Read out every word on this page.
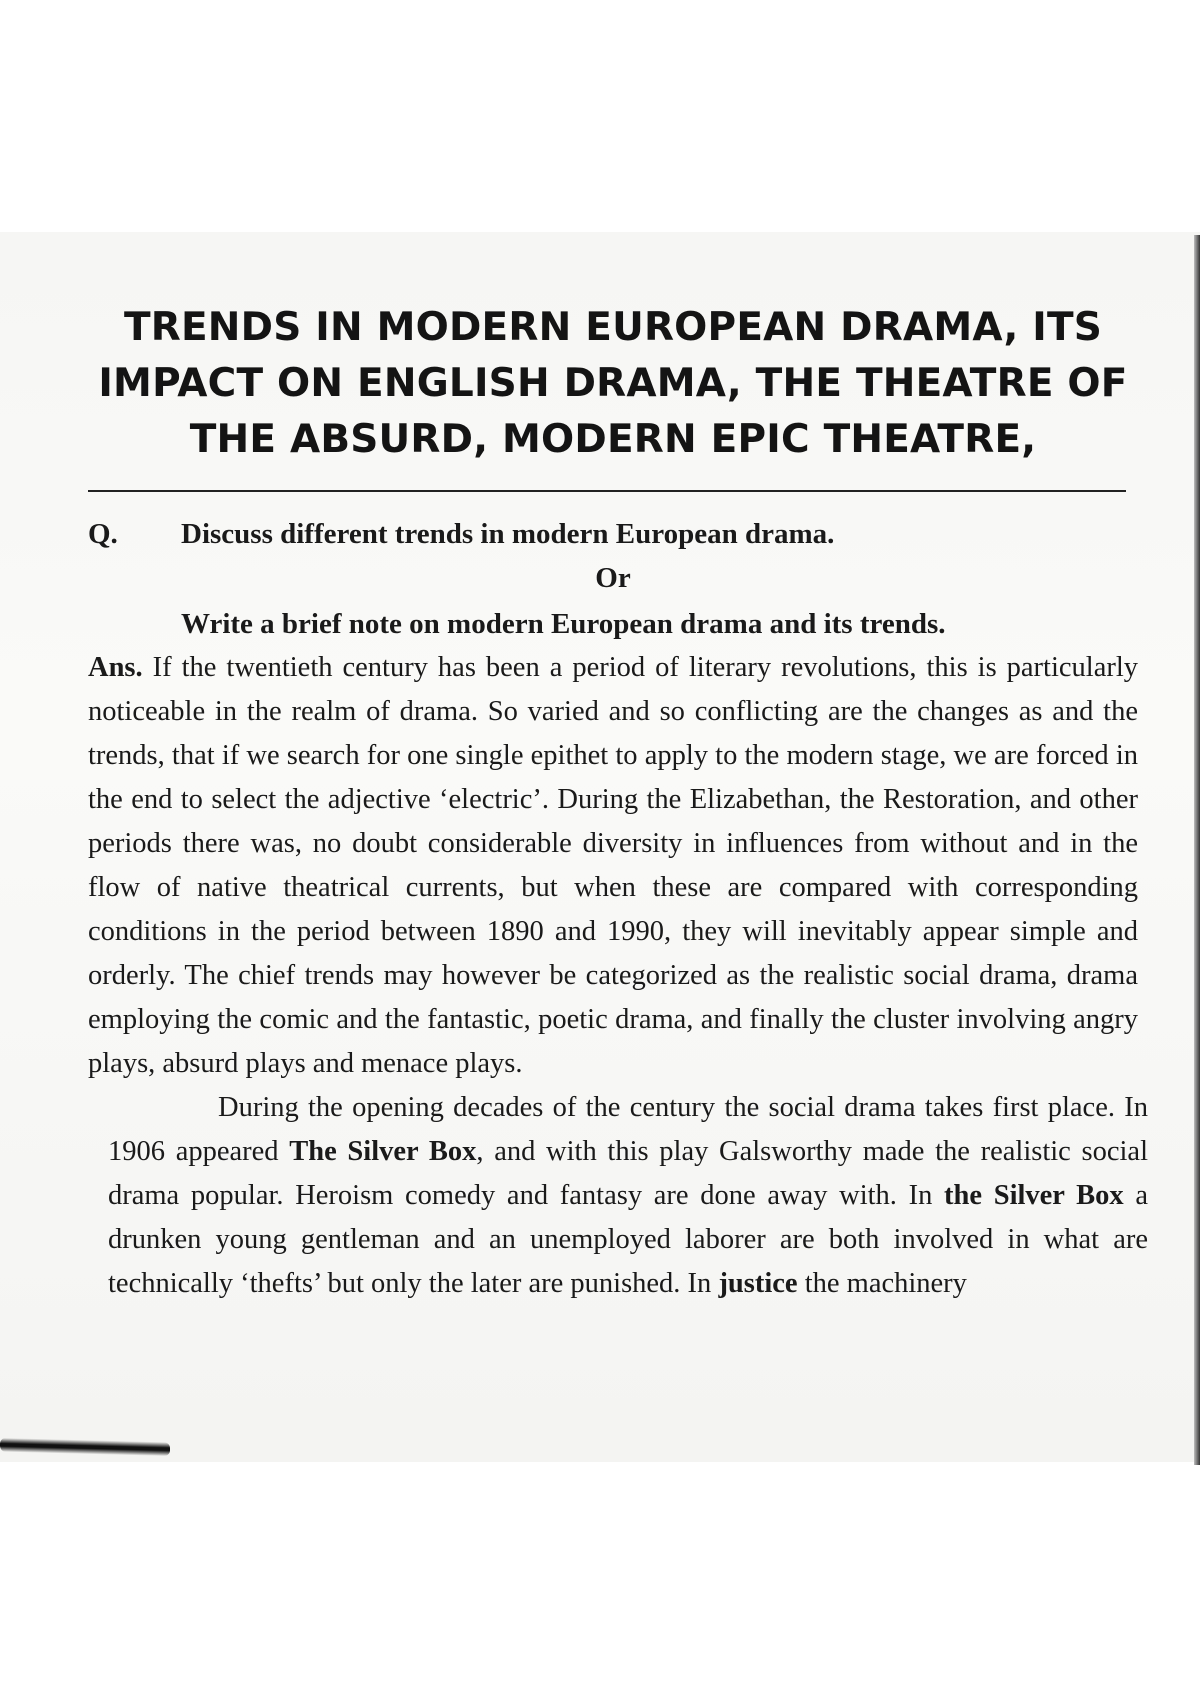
TRENDS IN MODERN EUROPEAN DRAMA, ITS
IMPACT ON ENGLISH DRAMA, THE THEATRE OF
THE ABSURD, MODERN EPIC THEATRE,
Q.	Discuss different trends in modern European drama.
Or
Write a brief note on modern European drama and its trends.

Ans. If the twentieth century has been a period of literary revolutions, this is particularly noticeable in the realm of drama. So varied and so conflicting are the changes as and the trends, that if we search for one single epithet to apply to the modern stage, we are forced in the end to select the adjective ‘electric’. During the Elizabethan, the Restoration, and other periods there was, no doubt considerable diversity in influences from without and in the flow of native theatrical currents, but when these are compared with corresponding conditions in the period between 1890 and 1990, they will inevitably appear simple and orderly. The chief trends may however be categorized as the realistic social drama, drama employing the comic and the fantastic, poetic drama, and finally the cluster involving angry plays, absurd plays and menace plays.

During the opening decades of the century the social drama takes first place. In 1906 appeared The Silver Box, and with this play Galsworthy made the realistic social drama popular. Heroism comedy and fantasy are done away with. In the Silver Box a drunken young gentleman and an unemployed laborer are both involved in what are technically ‘thefts’ but only the later are punished. In justice the machinery
